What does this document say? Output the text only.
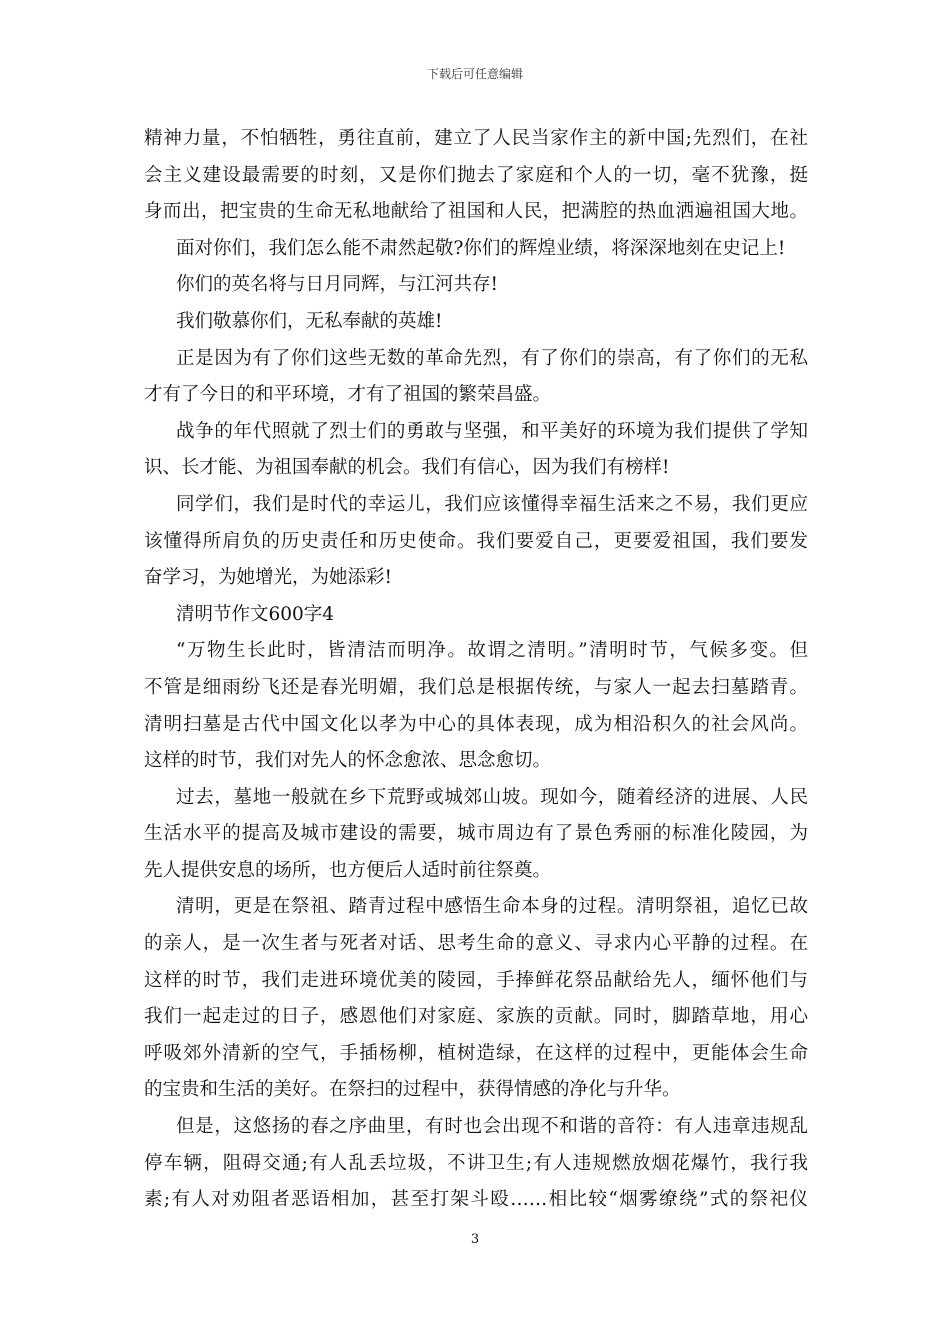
下载后可任意编辑
精神力量，不怕牺牲，勇往直前，建立了人民当家作主的新中国;先烈们，在社
会主义建设最需要的时刻，又是你们抛去了家庭和个人的一切，毫不犹豫，挺
身而出，把宝贵的生命无私地献给了祖国和人民，把满腔的热血洒遍祖国大地。
面对你们，我们怎么能不肃然起敬?你们的辉煌业绩，将深深地刻在史记上!
你们的英名将与日月同辉，与江河共存!
我们敬慕你们，无私奉献的英雄!
正是因为有了你们这些无数的革命先烈，有了你们的崇高，有了你们的无私
才有了今日的和平环境，才有了祖国的繁荣昌盛。
战争的年代照就了烈士们的勇敢与坚强，和平美好的环境为我们提供了学知
识、长才能、为祖国奉献的机会。我们有信心，因为我们有榜样!
同学们，我们是时代的幸运儿，我们应该懂得幸福生活来之不易，我们更应
该懂得所肩负的历史责任和历史使命。我们要爱自己，更要爱祖国，我们要发
奋学习，为她增光，为她添彩!
清明节作文600字4
“万物生长此时，皆清洁而明净。故谓之清明。”清明时节，气候多变。但
不管是细雨纷飞还是春光明媚，我们总是根据传统，与家人一起去扫墓踏青。
清明扫墓是古代中国文化以孝为中心的具体表现，成为相沿积久的社会风尚。
这样的时节，我们对先人的怀念愈浓、思念愈切。
过去，墓地一般就在乡下荒野或城郊山坡。现如今，随着经济的进展、人民
生活水平的提高及城市建设的需要，城市周边有了景色秀丽的标准化陵园，为
先人提供安息的场所，也方便后人适时前往祭奠。
清明，更是在祭祖、踏青过程中感悟生命本身的过程。清明祭祖，追忆已故
的亲人，是一次生者与死者对话、思考生命的意义、寻求内心平静的过程。在
这样的时节，我们走进环境优美的陵园，手捧鲜花祭品献给先人，缅怀他们与
我们一起走过的日子，感恩他们对家庭、家族的贡献。同时，脚踏草地，用心
呼吸郊外清新的空气，手插杨柳，植树造绿，在这样的过程中，更能体会生命
的宝贵和生活的美好。在祭扫的过程中，获得情感的净化与升华。
但是，这悠扬的春之序曲里，有时也会出现不和谐的音符：有人违章违规乱
停车辆，阻碍交通;有人乱丢垃圾，不讲卫生;有人违规燃放烟花爆竹，我行我
素;有人对劝阻者恶语相加，甚至打架斗殴……相比较“烟雾缭绕”式的祭祀仪
3
